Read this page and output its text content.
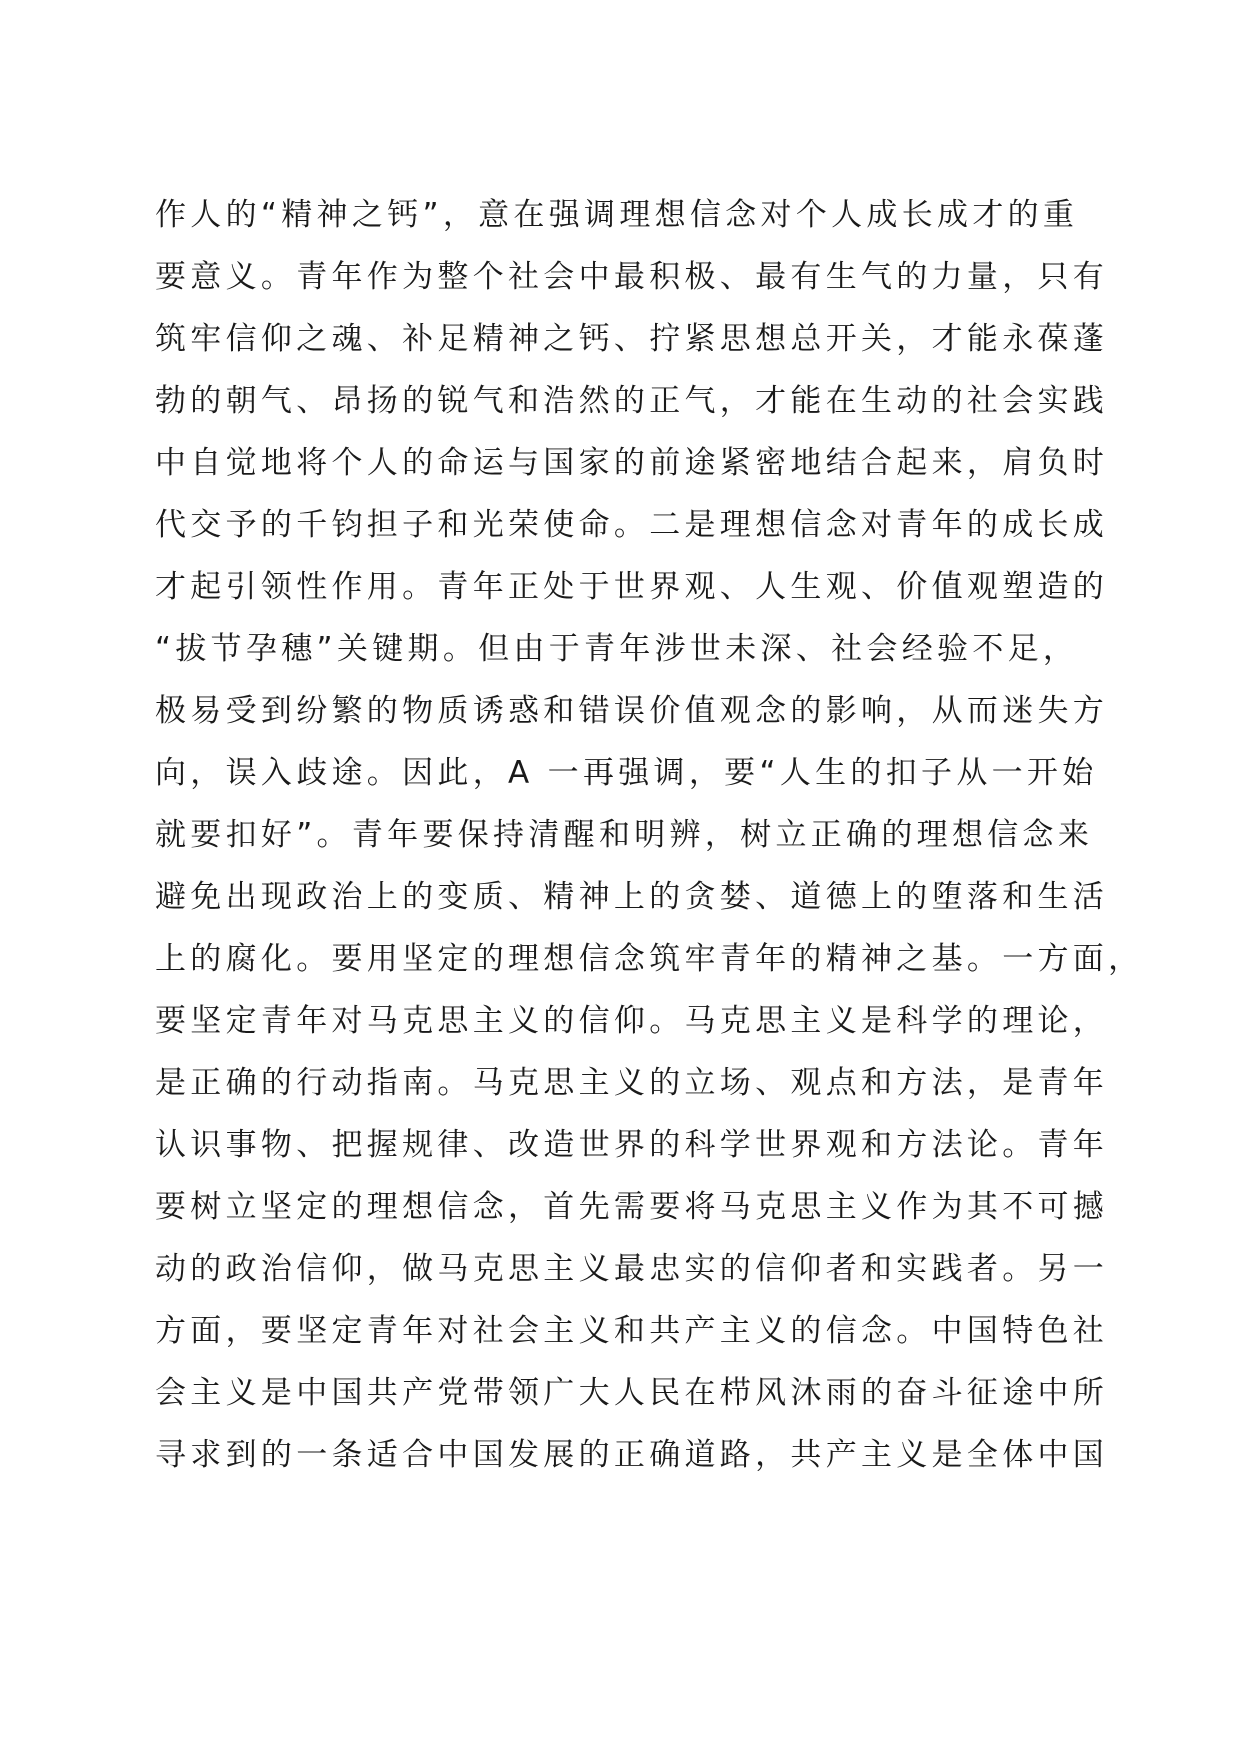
作人的“精神之钙”，意在强调理想信念对个人成长成才的重
要意义。青年作为整个社会中最积极、最有生气的力量，只有
筑牢信仰之魂、补足精神之钙、拧紧思想总开关，才能永葆蓬
勃的朝气、昂扬的锐气和浩然的正气，才能在生动的社会实践
中自觉地将个人的命运与国家的前途紧密地结合起来，肩负时
代交予的千钧担子和光荣使命。二是理想信念对青年的成长成
才起引领性作用。青年正处于世界观、人生观、价值观塑造的
“拔节孕穗”关键期。但由于青年涉世未深、社会经验不足，
极易受到纷繁的物质诱惑和错误价值观念的影响，从而迷失方
向，误入歧途。因此，A 一再强调，要“人生的扣子从一开始
就要扣好”。青年要保持清醒和明辨，树立正确的理想信念来
避免出现政治上的变质、精神上的贪婪、道德上的堕落和生活
上的腐化。要用坚定的理想信念筑牢青年的精神之基。一方面，
要坚定青年对马克思主义的信仰。马克思主义是科学的理论，
是正确的行动指南。马克思主义的立场、观点和方法，是青年
认识事物、把握规律、改造世界的科学世界观和方法论。青年
要树立坚定的理想信念，首先需要将马克思主义作为其不可撼
动的政治信仰，做马克思主义最忠实的信仰者和实践者。另一
方面，要坚定青年对社会主义和共产主义的信念。中国特色社
会主义是中国共产党带领广大人民在栉风沐雨的奋斗征途中所
寻求到的一条适合中国发展的正确道路，共产主义是全体中国
